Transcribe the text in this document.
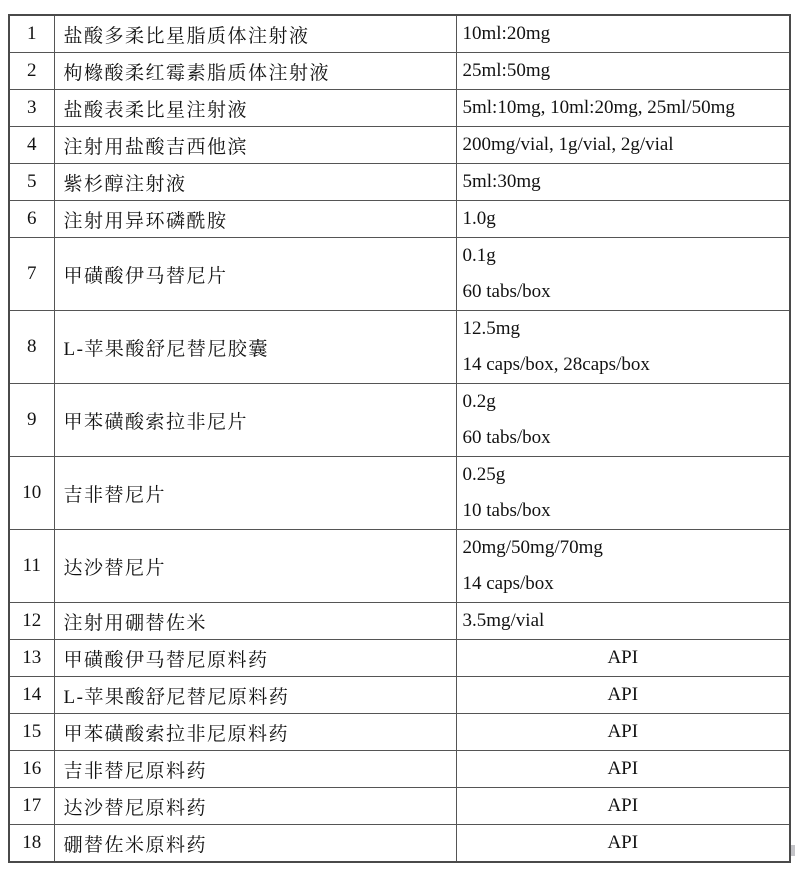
1	盐酸多柔比星脂质体注射液	10ml:20mg

2	枸橼酸柔红霉素脂质体注射液	25ml:50mg

3	盐酸表柔比星注射液	5ml:10mg, 10ml:20mg, 25ml/50mg

4	注射用盐酸吉西他滨	200mg/vial, 1g/vial, 2g/vial

5	紫杉醇注射液	5ml:30mg

6	注射用异环磷酰胺	1.0g

7	甲磺酸伊马替尼片	0.1g
60 tabs/box

8	L-苹果酸舒尼替尼胶囊	12.5mg
14 caps/box, 28caps/box

9	甲苯磺酸索拉非尼片	0.2g
60 tabs/box

10	吉非替尼片	0.25g
10 tabs/box

11	达沙替尼片	20mg/50mg/70mg
14 caps/box

12	注射用硼替佐米	3.5mg/vial

13	甲磺酸伊马替尼原料药	API

14	L-苹果酸舒尼替尼原料药	API

15	甲苯磺酸索拉非尼原料药	API

16	吉非替尼原料药	API

17	达沙替尼原料药	API

18	硼替佐米原料药	API
